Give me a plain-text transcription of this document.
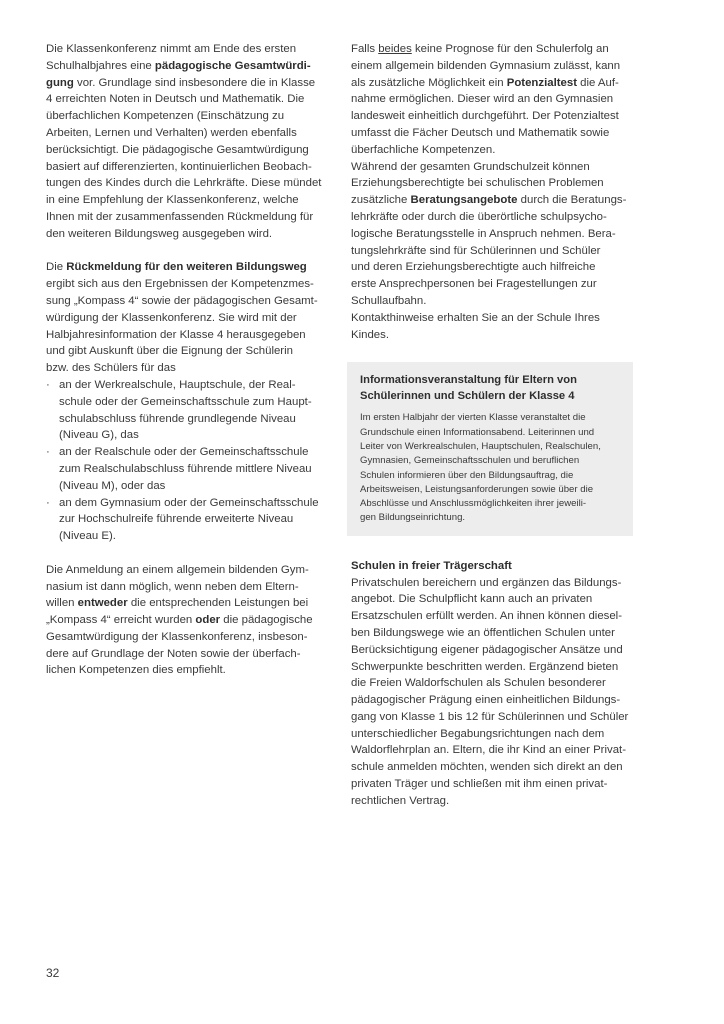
Die Klassenkonferenz nimmt am Ende des ersten
Schulhalbjahres eine pädagogische Gesamtwürdi-
gung vor. Grundlage sind insbesondere die in Klasse
4 erreichten Noten in Deutsch und Mathematik. Die
überfachlichen Kompetenzen (Einschätzung zu
Arbeiten, Lernen und Verhalten) werden ebenfalls
berücksichtigt. Die pädagogische Gesamtwürdigung
basiert auf differenzierten, kontinuierlichen Beobach-
tungen des Kindes durch die Lehrkräfte. Diese mündet
in eine Empfehlung der Klassenkonferenz, welche
Ihnen mit der zusammenfassenden Rückmeldung für
den weiteren Bildungsweg ausgegeben wird.
Die Rückmeldung für den weiteren Bildungsweg
ergibt sich aus den Ergebnissen der Kompetenzmes-
sung „Kompass 4“ sowie der pädagogischen Gesamt-
würdigung der Klassenkonferenz. Sie wird mit der
Halbjahresinformation der Klasse 4 herausgegeben
und gibt Auskunft über die Eignung der Schülerin
bzw. des Schülers für das
· an der Werkrealschule, Hauptschule, der Real-
schule oder der Gemeinschaftsschule zum Haupt-
schulabschluss führende grundlegende Niveau
(Niveau G), das
· an der Realschule oder der Gemeinschaftsschule
zum Realschulabschluss führende mittlere Niveau
(Niveau M), oder das
· an dem Gymnasium oder der Gemeinschaftsschule
zur Hochschulreife führende erweiterte Niveau
(Niveau E).
Die Anmeldung an einem allgemein bildenden Gym-
nasium ist dann möglich, wenn neben dem Eltern-
willen entweder die entsprechenden Leistungen bei
„Kompass 4“ erreicht wurden oder die pädagogische
Gesamtwürdigung der Klassenkonferenz, insbeson-
dere auf Grundlage der Noten sowie der überfach-
lichen Kompetenzen dies empfiehlt.
Falls beides keine Prognose für den Schulerfolg an
einem allgemein bildenden Gymnasium zulässt, kann
als zusätzliche Möglichkeit ein Potenzialtest die Auf-
nahme ermöglichen. Dieser wird an den Gymnasien
landesweit einheitlich durchgeführt. Der Potenzialtest
umfasst die Fächer Deutsch und Mathematik sowie
überfachliche Kompetenzen.
Während der gesamten Grundschulzeit können
Erziehungsberechtigte bei schulischen Problemen
zusätzliche Beratungsangebote durch die Beratungs-
lehrkräfte oder durch die überörtliche schulpsycho-
logische Beratungsstelle in Anspruch nehmen. Bera-
tungslehrkräfte sind für Schülerinnen und Schüler
und deren Erziehungsberechtigte auch hilfreiche
erste Ansprechpersonen bei Fragestellungen zur
Schullaufbahn.
Kontakthinweise erhalten Sie an der Schule Ihres
Kindes.
Informationsveranstaltung für Eltern von
Schülerinnen und Schülern der Klasse 4
Im ersten Halbjahr der vierten Klasse veranstaltet die
Grundschule einen Informationsabend. Leiterinnen und
Leiter von Werkrealschulen, Hauptschulen, Realschulen,
Gymnasien, Gemeinschaftsschulen und beruflichen
Schulen informieren über den Bildungsauftrag, die
Arbeitsweisen, Leistungsanforderungen sowie über die
Abschlüsse und Anschlussmöglichkeiten ihrer jeweili-
gen Bildungseinrichtung.
Schulen in freier Trägerschaft
Privatschulen bereichern und ergänzen das Bildungs-
angebot. Die Schulpflicht kann auch an privaten
Ersatzschulen erfüllt werden. An ihnen können diesel-
ben Bildungswege wie an öffentlichen Schulen unter
Berücksichtigung eigener pädagogischer Ansätze und
Schwerpunkte beschritten werden. Ergänzend bieten
die Freien Waldorfschulen als Schulen besonderer
pädagogischer Prägung einen einheitlichen Bildungs-
gang von Klasse 1 bis 12 für Schülerinnen und Schüler
unterschiedlicher Begabungsrichtungen nach dem
Waldorflehrplan an. Eltern, die ihr Kind an einer Privat-
schule anmelden möchten, wenden sich direkt an den
privaten Träger und schließen mit ihm einen privat-
rechtlichen Vertrag.
32
